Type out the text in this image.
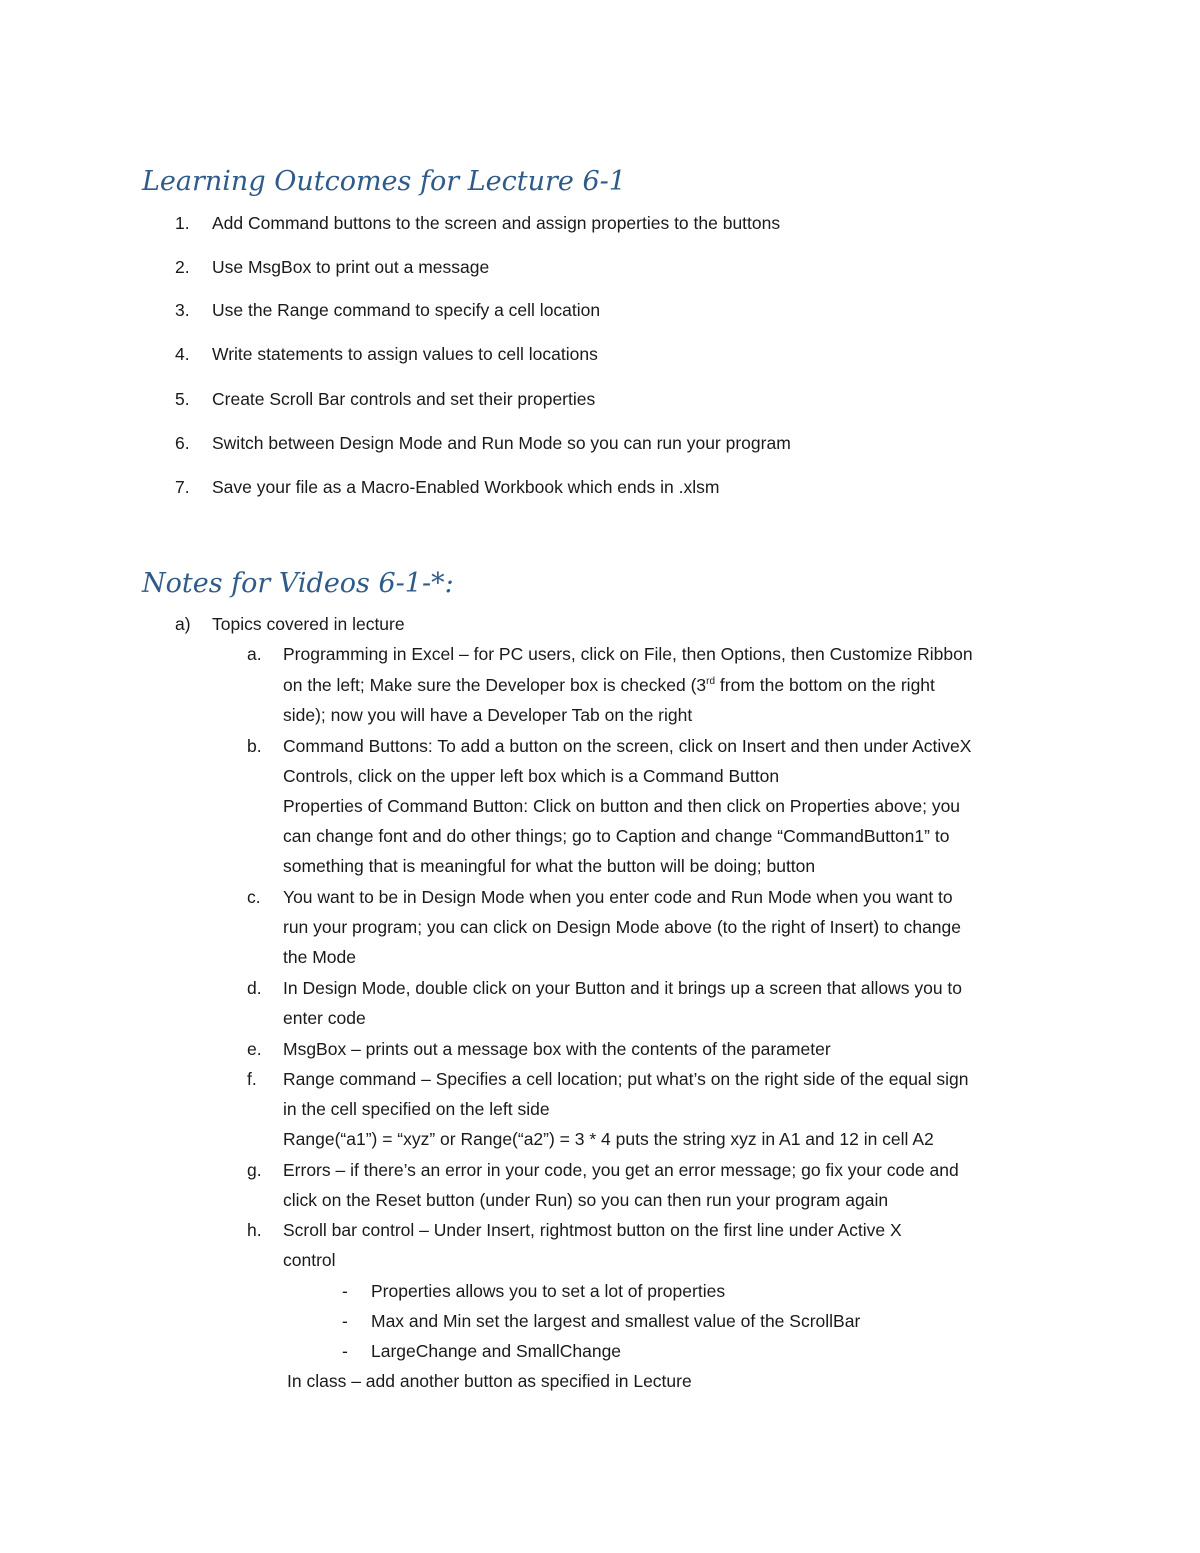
Learning Outcomes for Lecture 6-1
1. Add Command buttons to the screen and assign properties to the buttons
2. Use MsgBox to print out a message
3. Use the Range command to specify a cell location
4. Write statements to assign values to cell locations
5. Create Scroll Bar controls and set their properties
6. Switch between Design Mode and Run Mode so you can run your program
7. Save your file as a Macro-Enabled Workbook which ends in .xlsm
Notes for Videos 6-1-*:
a) Topics covered in lecture
a. Programming in Excel – for PC users, click on File, then Options, then Customize Ribbon
on the left; Make sure the Developer box is checked (3rd from the bottom on the right
side); now you will have a Developer Tab on the right
b. Command Buttons: To add a button on the screen, click on Insert and then under ActiveX
Controls, click on the upper left box which is a Command Button
Properties of Command Button: Click on button and then click on Properties above; you
can change font and do other things; go to Caption and change “CommandButton1” to
something that is meaningful for what the button will be doing; button
c. You want to be in Design Mode when you enter code and Run Mode when you want to
run your program; you can click on Design Mode above (to the right of Insert) to change
the Mode
d. In Design Mode, double click on your Button and it brings up a screen that allows you to
enter code
e. MsgBox – prints out a message box with the contents of the parameter
f. Range command – Specifies a cell location; put what’s on the right side of the equal sign
in the cell specified on the left side
Range(“a1”) = “xyz” or Range(“a2”) = 3 * 4 puts the string xyz in A1 and 12 in cell A2
g. Errors – if there’s an error in your code, you get an error message; go fix your code and
click on the Reset button (under Run) so you can then run your program again
h. Scroll bar control – Under Insert, rightmost button on the first line under Active X
control
- Properties allows you to set a lot of properties
- Max and Min set the largest and smallest value of the ScrollBar
- LargeChange and SmallChange
In class – add another button as specified in Lecture
